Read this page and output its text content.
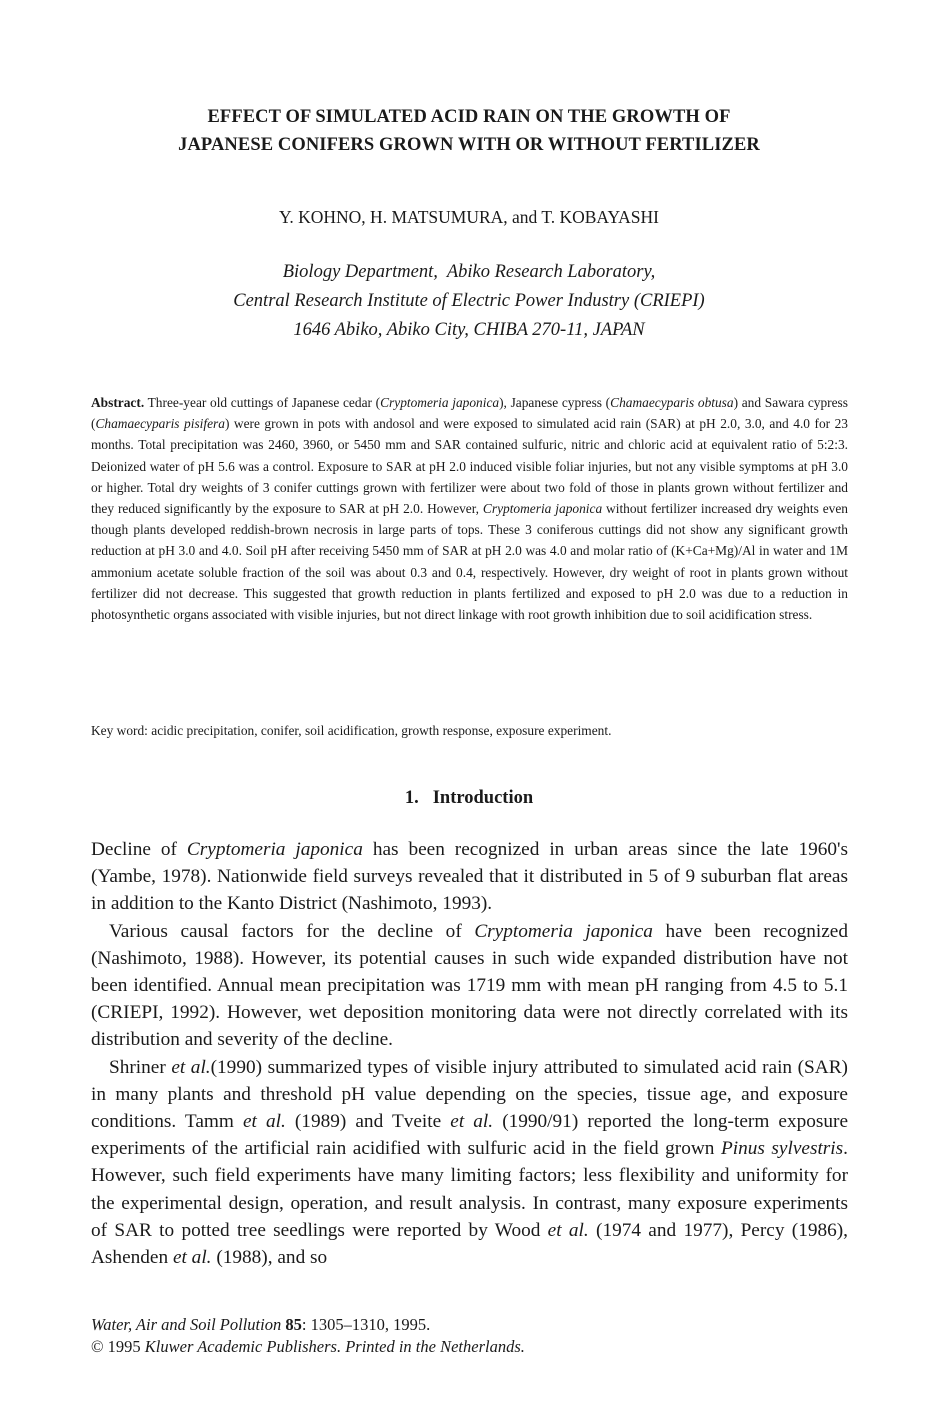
EFFECT OF SIMULATED ACID RAIN ON THE GROWTH OF
JAPANESE CONIFERS GROWN WITH OR WITHOUT FERTILIZER
Y. KOHNO, H. MATSUMURA, and T. KOBAYASHI
Biology Department,  Abiko Research Laboratory,
Central Research Institute of Electric Power Industry (CRIEPI)
1646 Abiko, Abiko City, CHIBA 270-11, JAPAN
Abstract. Three-year old cuttings of Japanese cedar (Cryptomeria japonica), Japanese cypress (Chamaecyparis obtusa) and Sawara cypress (Chamaecyparis pisifera) were grown in pots with andosol and were exposed to simulated acid rain (SAR) at pH 2.0, 3.0, and 4.0 for 23 months. Total precipitation was 2460, 3960, or 5450 mm and SAR contained sulfuric, nitric and chloric acid at equivalent ratio of 5:2:3. Deionized water of pH 5.6 was a control. Exposure to SAR at pH 2.0 induced visible foliar injuries, but not any visible symptoms at pH 3.0 or higher. Total dry weights of 3 conifer cuttings grown with fertilizer were about two fold of those in plants grown without fertilizer and they reduced significantly by the exposure to SAR at pH 2.0. However, Cryptomeria japonica without fertilizer increased dry weights even though plants developed reddish-brown necrosis in large parts of tops. These 3 coniferous cuttings did not show any significant growth reduction at pH 3.0 and 4.0. Soil pH after receiving 5450 mm of SAR at pH 2.0 was 4.0 and molar ratio of (K+Ca+Mg)/Al in water and 1M ammonium acetate soluble fraction of the soil was about 0.3 and 0.4, respectively. However, dry weight of root in plants grown without fertilizer did not decrease. This suggested that growth reduction in plants fertilized and exposed to pH 2.0 was due to a reduction in photosynthetic organs associated with visible injuries, but not direct linkage with root growth inhibition due to soil acidification stress.
Key word: acidic precipitation, conifer, soil acidification, growth response, exposure experiment.
1. Introduction

Decline of Cryptomeria japonica has been recognized in urban areas since the late 1960's (Yambe, 1978). Nationwide field surveys revealed that it distributed in 5 of 9 suburban flat areas in addition to the Kanto District (Nashimoto, 1993).

Various causal factors for the decline of Cryptomeria japonica have been recognized (Nashimoto, 1988). However, its potential causes in such wide expanded distribution have not been identified. Annual mean precipitation was 1719 mm with mean pH ranging from 4.5 to 5.1 (CRIEPI, 1992). However, wet deposition monitoring data were not directly correlated with its distribution and severity of the decline.

Shriner et al.(1990) summarized types of visible injury attributed to simulated acid rain (SAR) in many plants and threshold pH value depending on the species, tissue age, and exposure conditions. Tamm et al. (1989) and Tveite et al. (1990/91) reported the long-term exposure experiments of the artificial rain acidified with sulfuric acid in the field grown Pinus sylvestris. However, such field experiments have many limiting factors; less flexibility and uniformity for the experimental design, operation, and result analysis. In contrast, many exposure experiments of SAR to potted tree seedlings were reported by Wood et al. (1974 and 1977), Percy (1986), Ashenden et al. (1988), and so

Water, Air and Soil Pollution 85: 1305–1310, 1995.
© 1995 Kluwer Academic Publishers. Printed in the Netherlands.
